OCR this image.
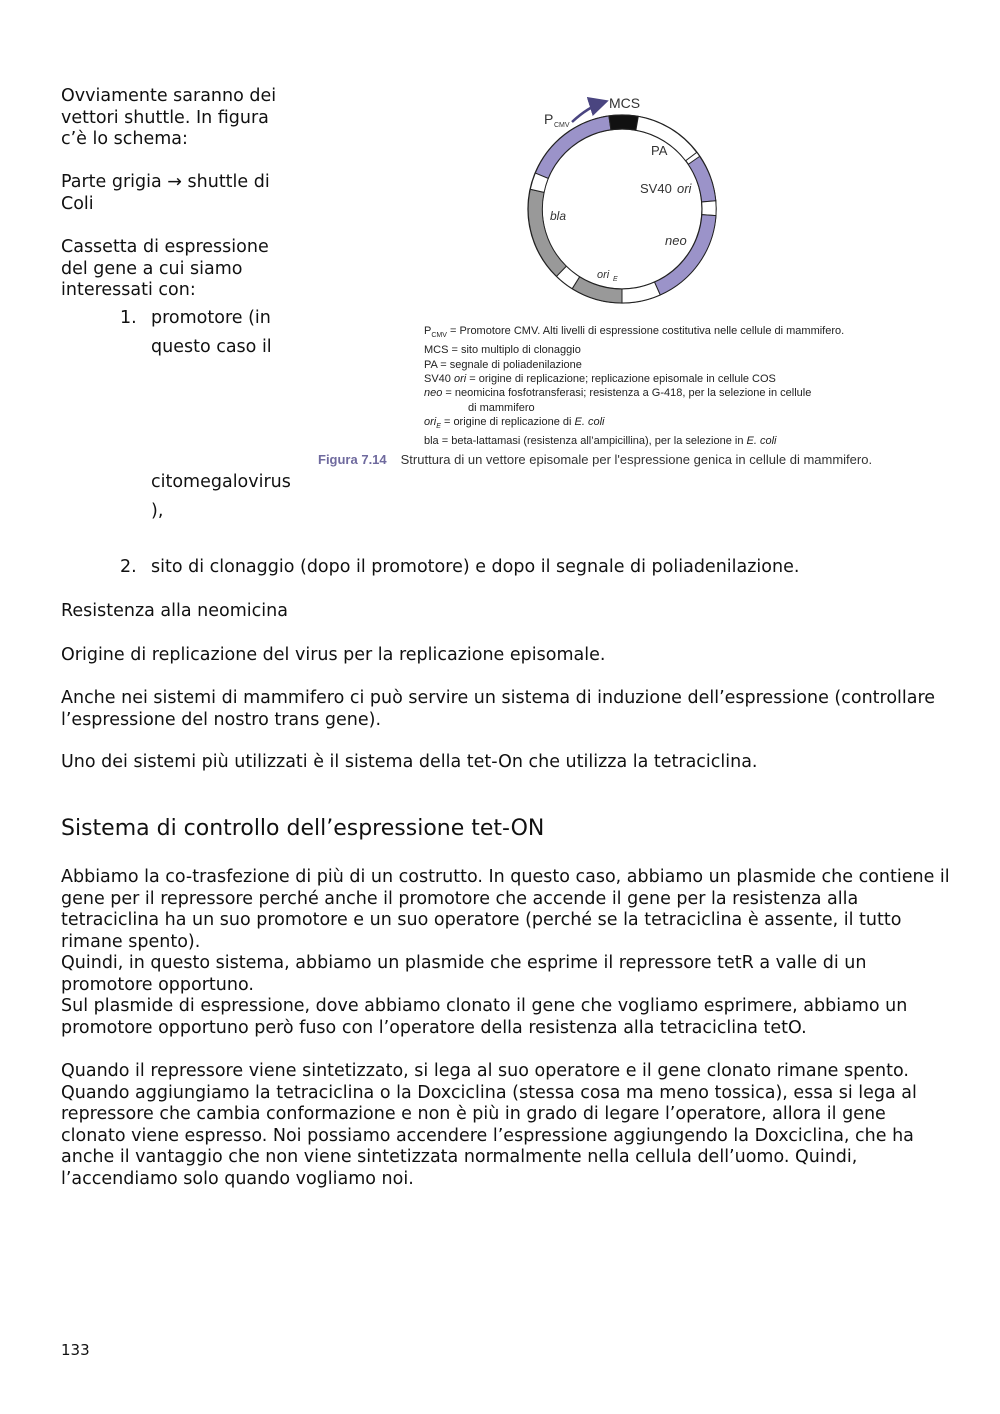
Ovviamente saranno dei vettori shuttle. In figura c’è lo schema:

Parte grigia → shuttle di Coli

Cassetta di espressione del gene a cui siamo interessati con:

1. promotore (in
questo caso il
citomegalovirus
),
2. sito di clonaggio (dopo il promotore) e dopo il segnale di poliadenilazione.
P CMV
MCS
PA
SV40 ori
neo
bla
ori E
$P_{CMV}$ = Promotore CMV. Alti livelli di espressione costitutiva nelle cellule di mammifero.
MCS = sito multiplo di clonaggio
PA = segnale di poliadenilazione
SV40 ori = origine di replicazione; replicazione episomale in cellule COS
neo = neomicina fosfotransferasi; resistenza a G-418, per la selezione in cellule
di mammifero
ori$_E$ = origine di replicazione di E. coli
bla = beta-lattamasi (resistenza all’ampicillina), per la selezione in E. coli
Figura 7.14 Struttura di un vettore episomale per l'espressione genica in cellule di mammifero.

Resistenza alla neomicina

Origine di replicazione del virus per la replicazione episomale.

Anche nei sistemi di mammifero ci può servire un sistema di induzione dell’espressione (controllare l’espressione del nostro trans gene).

Uno dei sistemi più utilizzati è il sistema della tet-On che utilizza la tetraciclina.

Sistema di controllo dell’espressione tet-ON

Abbiamo la co-trasfezione di più di un costrutto. In questo caso, abbiamo un plasmide che contiene il gene per il repressore perché anche il promotore che accende il gene per la resistenza alla tetraciclina ha un suo promotore e un suo operatore (perché se la tetraciclina è assente, il tutto rimane spento).

Quindi, in questo sistema, abbiamo un plasmide che esprime il repressore tetR a valle di un promotore opportuno.

Sul plasmide di espressione, dove abbiamo clonato il gene che vogliamo esprimere, abbiamo un promotore opportuno però fuso con l’operatore della resistenza alla tetraciclina tetO.

Quando il repressore viene sintetizzato, si lega al suo operatore e il gene clonato rimane spento. Quando aggiungiamo la tetraciclina o la Doxciclina (stessa cosa ma meno tossica), essa si lega al repressore che cambia conformazione e non è più in grado di legare l’operatore, allora il gene clonato viene espresso. Noi possiamo accendere l’espressione aggiungendo la Doxciclina, che ha anche il vantaggio che non viene sintetizzata normalmente nella cellula dell’uomo. Quindi, l’accendiamo solo quando vogliamo noi.

133
